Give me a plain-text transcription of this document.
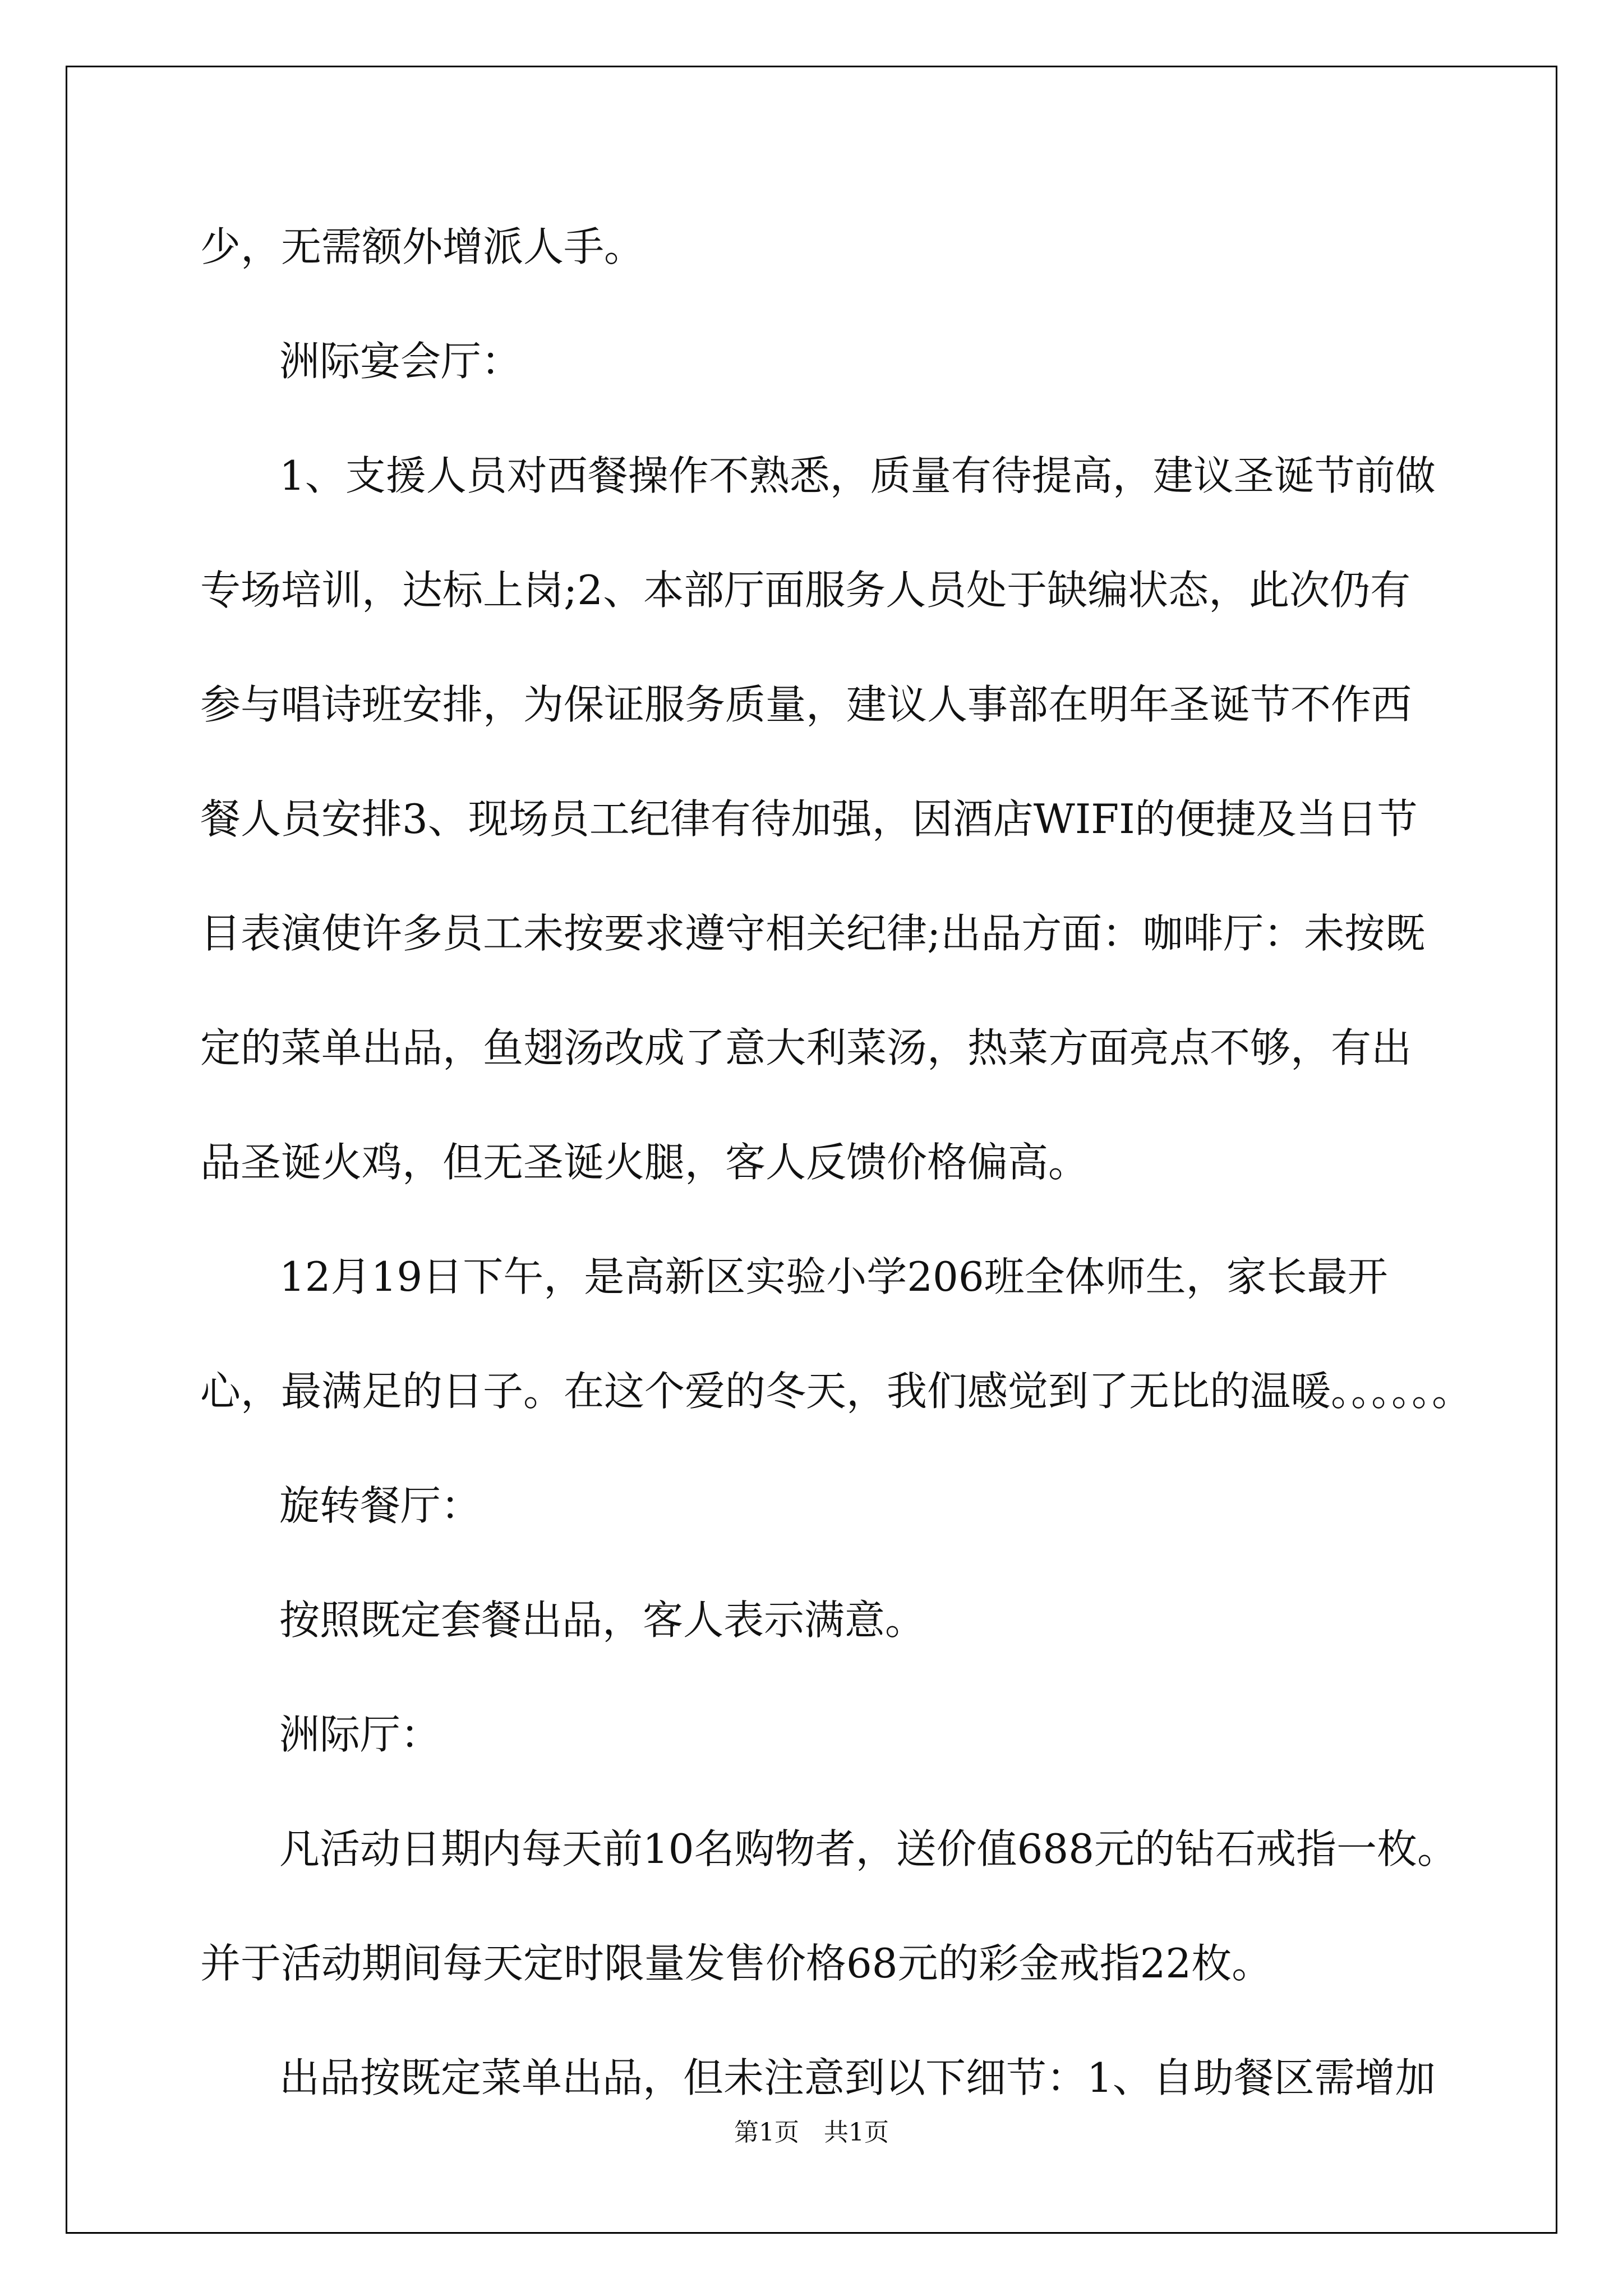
少，无需额外增派人手。

洲际宴会厅：

1、支援人员对西餐操作不熟悉，质量有待提高，建议圣诞节前做

专场培训，达标上岗;2、本部厅面服务人员处于缺编状态，此次仍有

参与唱诗班安排，为保证服务质量，建议人事部在明年圣诞节不作西

餐人员安排3、现场员工纪律有待加强，因酒店WIFI的便捷及当日节

目表演使许多员工未按要求遵守相关纪律;出品方面：咖啡厅：未按既

定的菜单出品，鱼翅汤改成了意大利菜汤，热菜方面亮点不够，有出

品圣诞火鸡，但无圣诞火腿，客人反馈价格偏高。

12月19日下午，是高新区实验小学206班全体师生，家长最开

心，最满足的日子。在这个爱的冬天，我们感觉到了无比的温暖。。。。。。

旋转餐厅：

按照既定套餐出品，客人表示满意。

洲际厅：

凡活动日期内每天前10名购物者，送价值688元的钻石戒指一枚。

并于活动期间每天定时限量发售价格68元的彩金戒指22枚。

出品按既定菜单出品，但未注意到以下细节：1、自助餐区需增加

第1页　共1页
